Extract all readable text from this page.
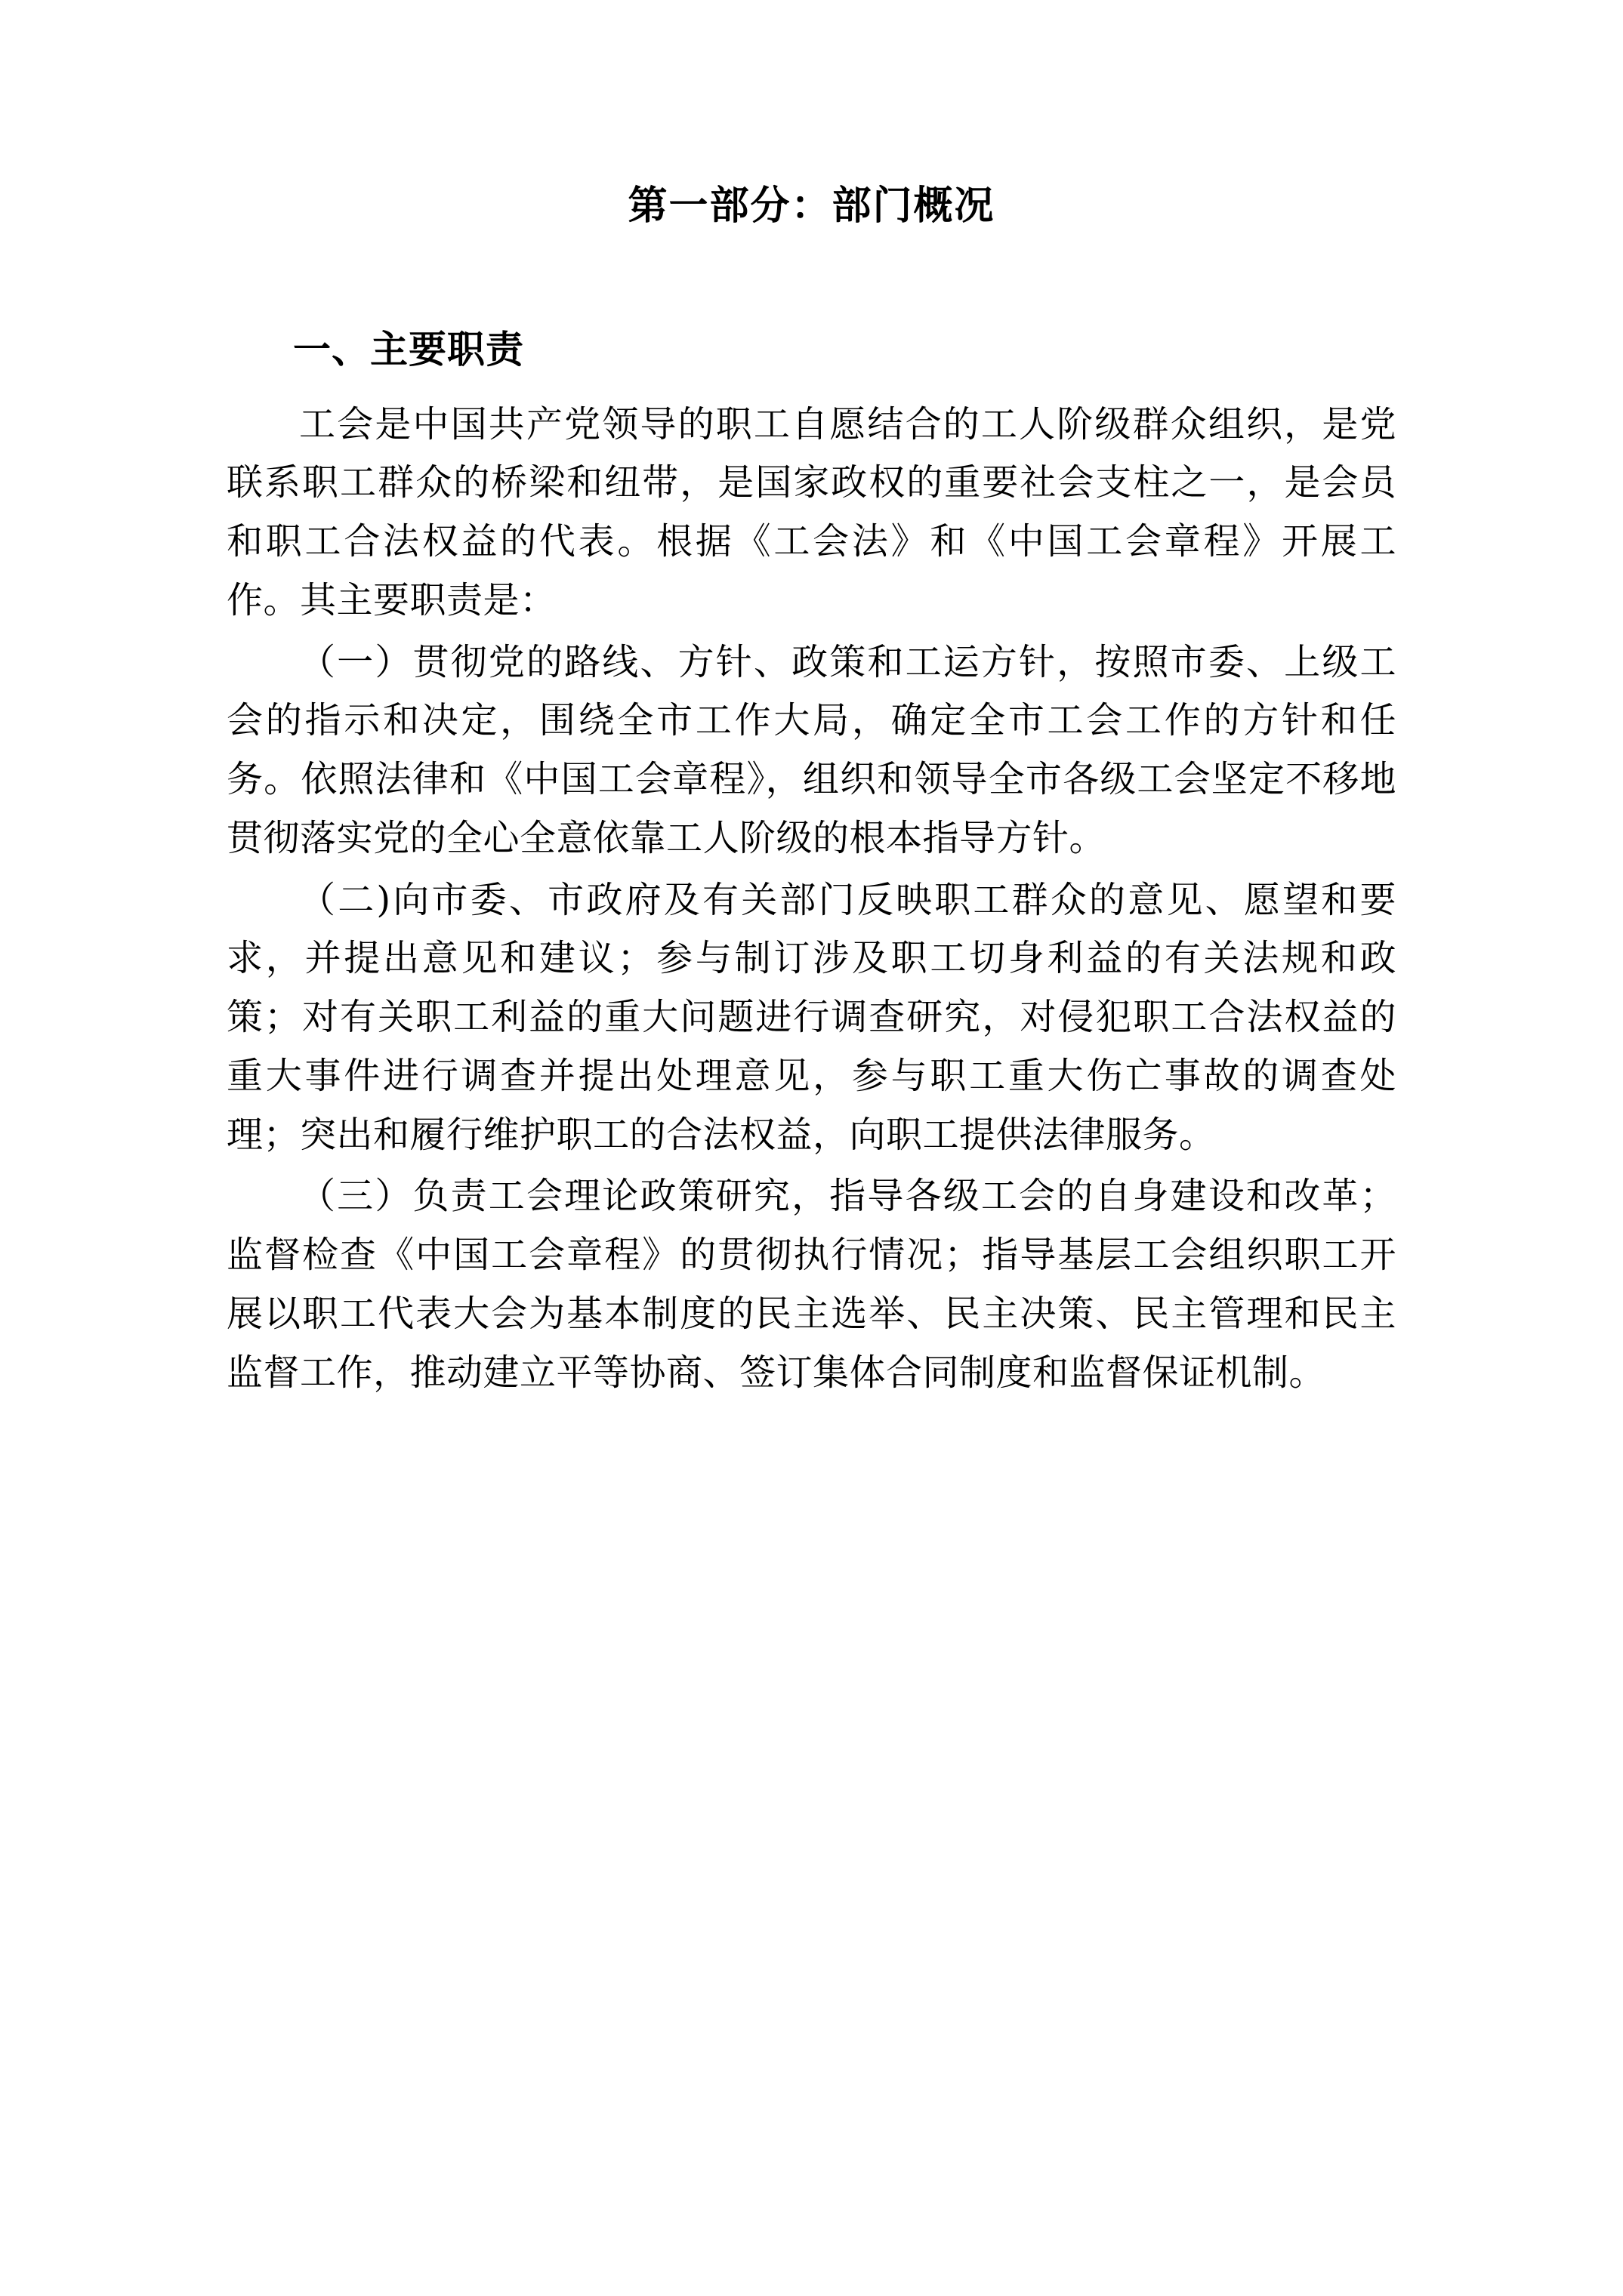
第一部分：部门概况
一、主要职责

工会是中国共产党领导的职工自愿结合的工人阶级群众组织，是党联系职工群众的桥梁和纽带，是国家政权的重要社会支柱之一，是会员和职工合法权益的代表。根据《工会法》和《中国工会章程》开展工作。其主要职责是：

（一）贯彻党的路线、方针、政策和工运方针，按照市委、上级工会的指示和决定，围绕全市工作大局，确定全市工会工作的方针和任务。依照法律和《中国工会章程》，组织和领导全市各级工会坚定不移地贯彻落实党的全心全意依靠工人阶级的根本指导方针。

（二)向市委、市政府及有关部门反映职工群众的意见、愿望和要求，并提出意见和建议；参与制订涉及职工切身利益的有关法规和政策；对有关职工利益的重大问题进行调查研究，对侵犯职工合法权益的重大事件进行调查并提出处理意见，参与职工重大伤亡事故的调查处理；突出和履行维护职工的合法权益，向职工提供法律服务。

（三）负责工会理论政策研究，指导各级工会的自身建设和改革；监督检查《中国工会章程》的贯彻执行情况；指导基层工会组织职工开展以职工代表大会为基本制度的民主选举、民主决策、民主管理和民主监督工作，推动建立平等协商、签订集体合同制度和监督保证机制。
